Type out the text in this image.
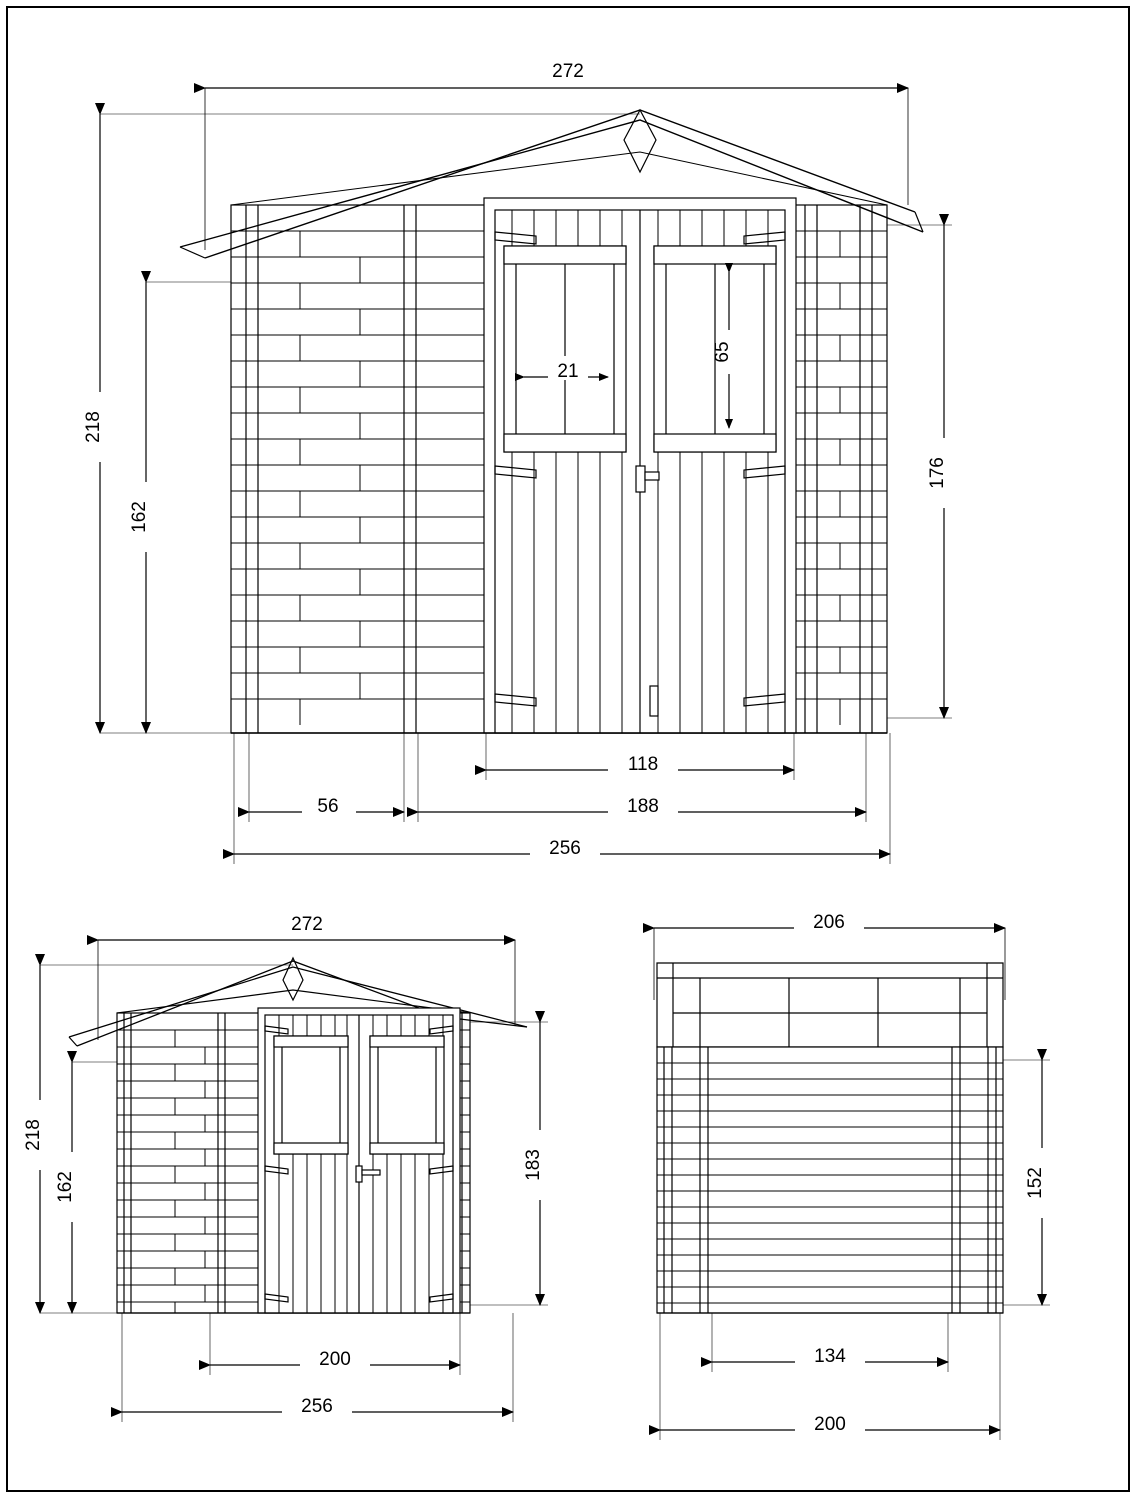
272
218
162
176
21
65
118
188
56
256
272
218
162
183
200
256
206
152
134
200
